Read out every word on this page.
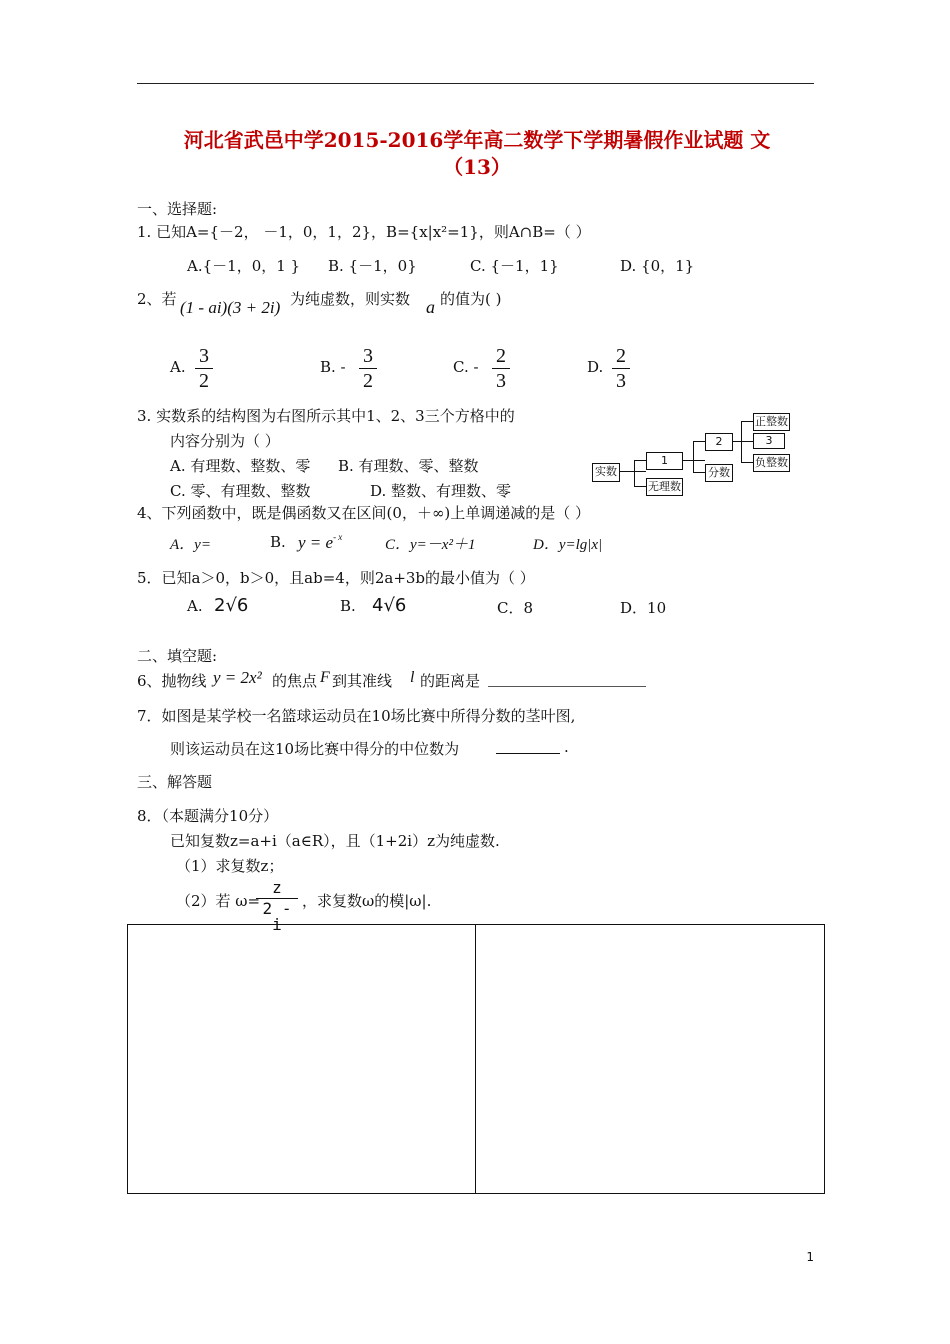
河北省武邑中学2015-2016学年高二数学下学期暑假作业试题 文
（13）
一、选择题:
1. 已知A={－2， －1，0，1，2}，B={x|x²=1}，则A∩B=（ ）
A.{－1，0，1 } B. {－1，0}	C. {－1，1}	D. {0，1}
2、若 (1 - ai)(3 + 2i) 为纯虚数，则实数 a 的值为( )
A. 3
2
B. - 3
2
C. - 2
3
D. 2
3
3. 实数系的结构图为右图所示其中1、2、3三个方格中的
内容分别为（ ）
A. 有理数、整数、零 B. 有理数、零、整数
C. 零、有理数、整数	D. 整数、有理数、零
实数
1
无理数
2
分数
正整数
3
负整数
4、下列函数中，既是偶函数又在区间(0，＋∞)上单调递减的是（ ）
A．y=	B. $y = e^{- x}$	C．y=－x²＋1	D．y=lg|x|
5．已知a＞0，b＞0，且ab=4，则2a+3b的最小值为（ ）
A. 2√6	B. 4√6	C．8	D．10
二、填空题:
6、抛物线 y = 2x² 的焦点 F 到其准线 l 的距离是
7．如图是某学校一名篮球运动员在10场比赛中所得分数的茎叶图,
则该运动员在这10场比赛中得分的中位数为	.
三、解答题
8．（本题满分10分）
已知复数z=a+i（a∈R），且（1+2i）z为纯虚数.
（1）求复数z；
（2）若 ω=
z
2 - i
，求复数ω的模|ω|.
1
